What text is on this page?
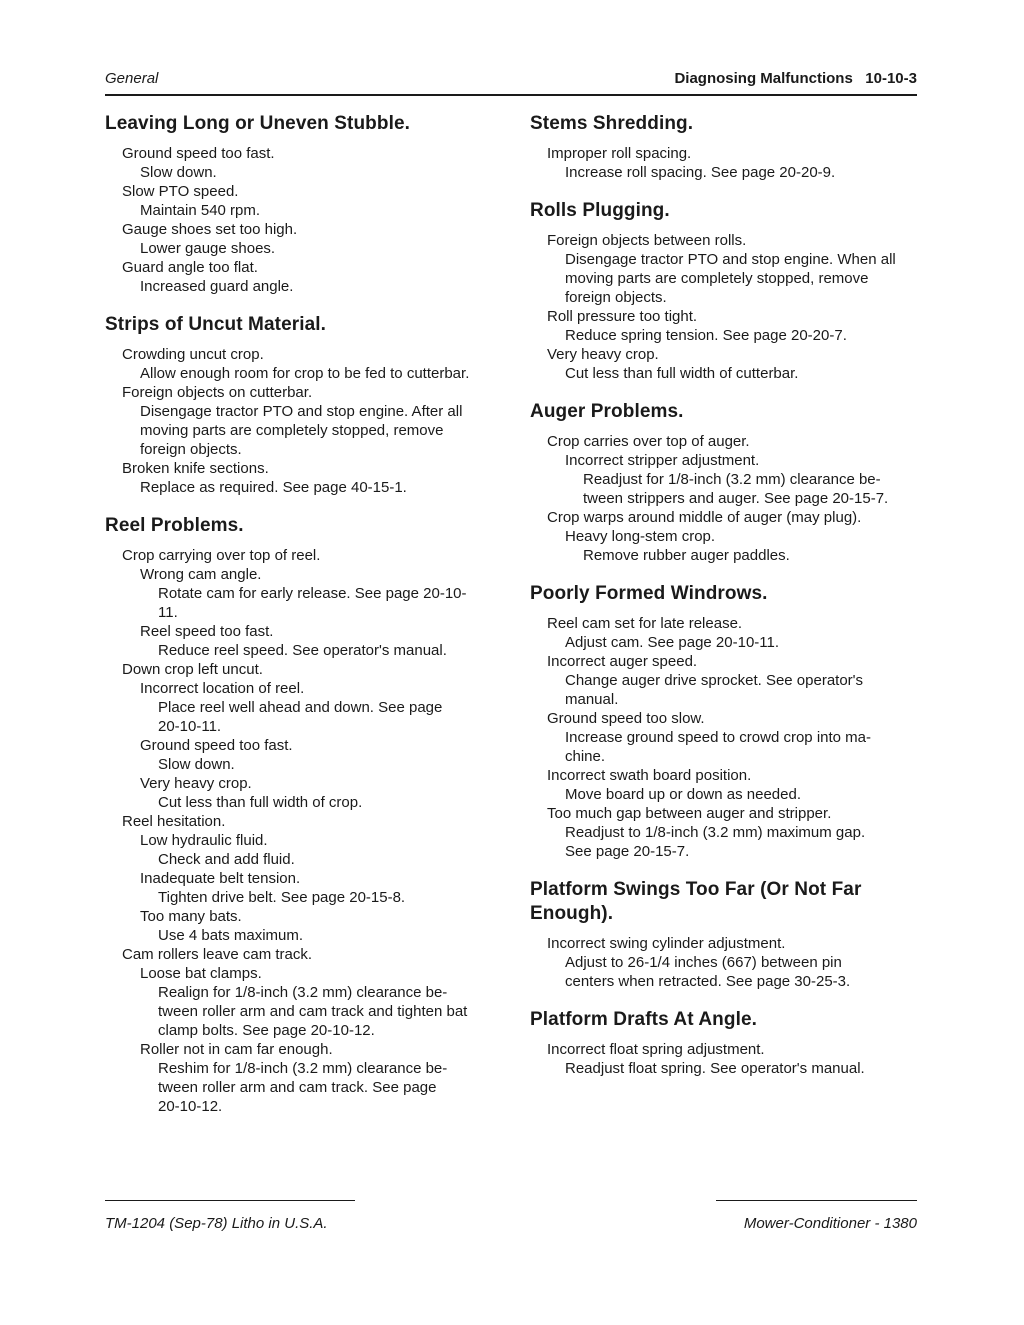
General	Diagnosing Malfunctions   10-10-3
Leaving Long or Uneven Stubble.
Ground speed too fast.
Slow down.
Slow PTO speed.
Maintain 540 rpm.
Gauge shoes set too high.
Lower gauge shoes.
Guard angle too flat.
Increased guard angle.
Strips of Uncut Material.
Crowding uncut crop.
Allow enough room for crop to be fed to cutterbar.
Foreign objects on cutterbar.
Disengage tractor PTO and stop engine. After all
moving parts are completely stopped, remove
foreign objects.
Broken knife sections.
Replace as required. See page 40-15-1.
Reel Problems.
Crop carrying over top of reel.
Wrong cam angle.
Rotate cam for early release. See page 20-10-
11.
Reel speed too fast.
Reduce reel speed. See operator's manual.
Down crop left uncut.
Incorrect location of reel.
Place reel well ahead and down. See page
20-10-11.
Ground speed too fast.
Slow down.
Very heavy crop.
Cut less than full width of crop.
Reel hesitation.
Low hydraulic fluid.
Check and add fluid.
Inadequate belt tension.
Tighten drive belt. See page 20-15-8.
Too many bats.
Use 4 bats maximum.
Cam rollers leave cam track.
Loose bat clamps.
Realign for 1/8-inch (3.2 mm) clearance be-
tween roller arm and cam track and tighten bat
clamp bolts. See page 20-10-12.
Roller not in cam far enough.
Reshim for 1/8-inch (3.2 mm) clearance be-
tween roller arm and cam track. See page
20-10-12.
Stems Shredding.
Improper roll spacing.
Increase roll spacing. See page 20-20-9.
Rolls Plugging.
Foreign objects between rolls.
Disengage tractor PTO and stop engine. When all
moving parts are completely stopped, remove
foreign objects.
Roll pressure too tight.
Reduce spring tension. See page 20-20-7.
Very heavy crop.
Cut less than full width of cutterbar.
Auger Problems.
Crop carries over top of auger.
Incorrect stripper adjustment.
Readjust for 1/8-inch (3.2 mm) clearance be-
tween strippers and auger. See page 20-15-7.
Crop warps around middle of auger (may plug).
Heavy long-stem crop.
Remove rubber auger paddles.
Poorly Formed Windrows.
Reel cam set for late release.
Adjust cam. See page 20-10-11.
Incorrect auger speed.
Change auger drive sprocket. See operator's
manual.
Ground speed too slow.
Increase ground speed to crowd crop into ma-
chine.
Incorrect swath board position.
Move board up or down as needed.
Too much gap between auger and stripper.
Readjust to 1/8-inch (3.2 mm) maximum gap.
See page 20-15-7.
Platform Swings Too Far (Or Not Far Enough).
Incorrect swing cylinder adjustment.
Adjust to 26-1/4 inches (667) between pin
centers when retracted. See page 30-25-3.
Platform Drafts At Angle.
Incorrect float spring adjustment.
Readjust float spring. See operator's manual.
TM-1204 (Sep-78) Litho in U.S.A.	Mower-Conditioner - 1380
